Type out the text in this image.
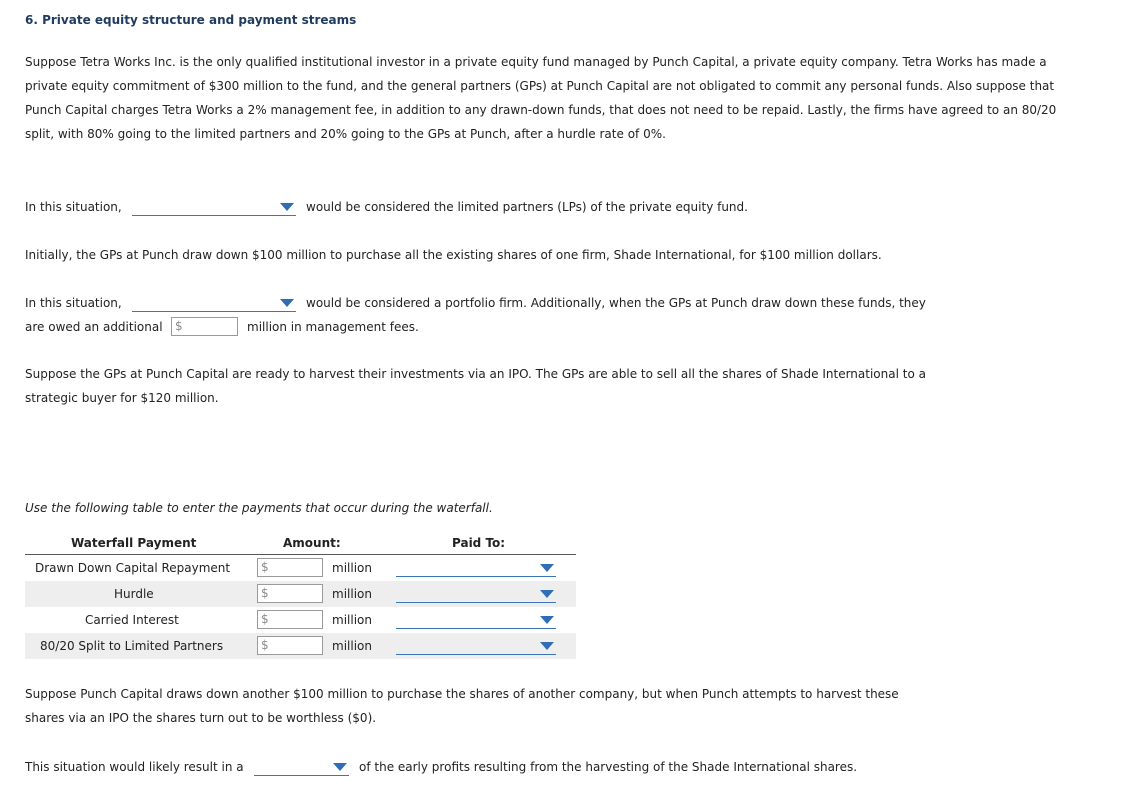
6. Private equity structure and payment streams
Suppose Tetra Works Inc. is the only qualified institutional investor in a private equity fund managed by Punch Capital, a private equity company. Tetra Works has made a private equity commitment of $300 million to the fund, and the general partners (GPs) at Punch Capital are not obligated to commit any personal funds. Also suppose that Punch Capital charges Tetra Works a 2% management fee, in addition to any drawn-down funds, that does not need to be repaid. Lastly, the firms have agreed to an 80/20 split, with 80% going to the limited partners and 20% going to the GPs at Punch, after a hurdle rate of 0%.
In this situation,	would be considered the limited partners (LPs) of the private equity fund.
Initially, the GPs at Punch draw down $100 million to purchase all the existing shares of one firm, Shade International, for $100 million dollars.
In this situation,	would be considered a portfolio firm. Additionally, when the GPs at Punch draw down these funds, they
are owed an additional $	million in management fees.
Suppose the GPs at Punch Capital are ready to harvest their investments via an IPO. The GPs are able to sell all the shares of Shade International to a strategic buyer for $120 million.
Use the following table to enter the payments that occur during the waterfall.
Waterfall Payment	Amount:	Paid To:
Drawn Down Capital Repayment	$	million
Hurdle	$	million
Carried Interest	$	million
80/20 Split to Limited Partners	$	million
Suppose Punch Capital draws down another $100 million to purchase the shares of another company, but when Punch attempts to harvest these shares via an IPO the shares turn out to be worthless ($0).
This situation would likely result in a	of the early profits resulting from the harvesting of the Shade International shares.
